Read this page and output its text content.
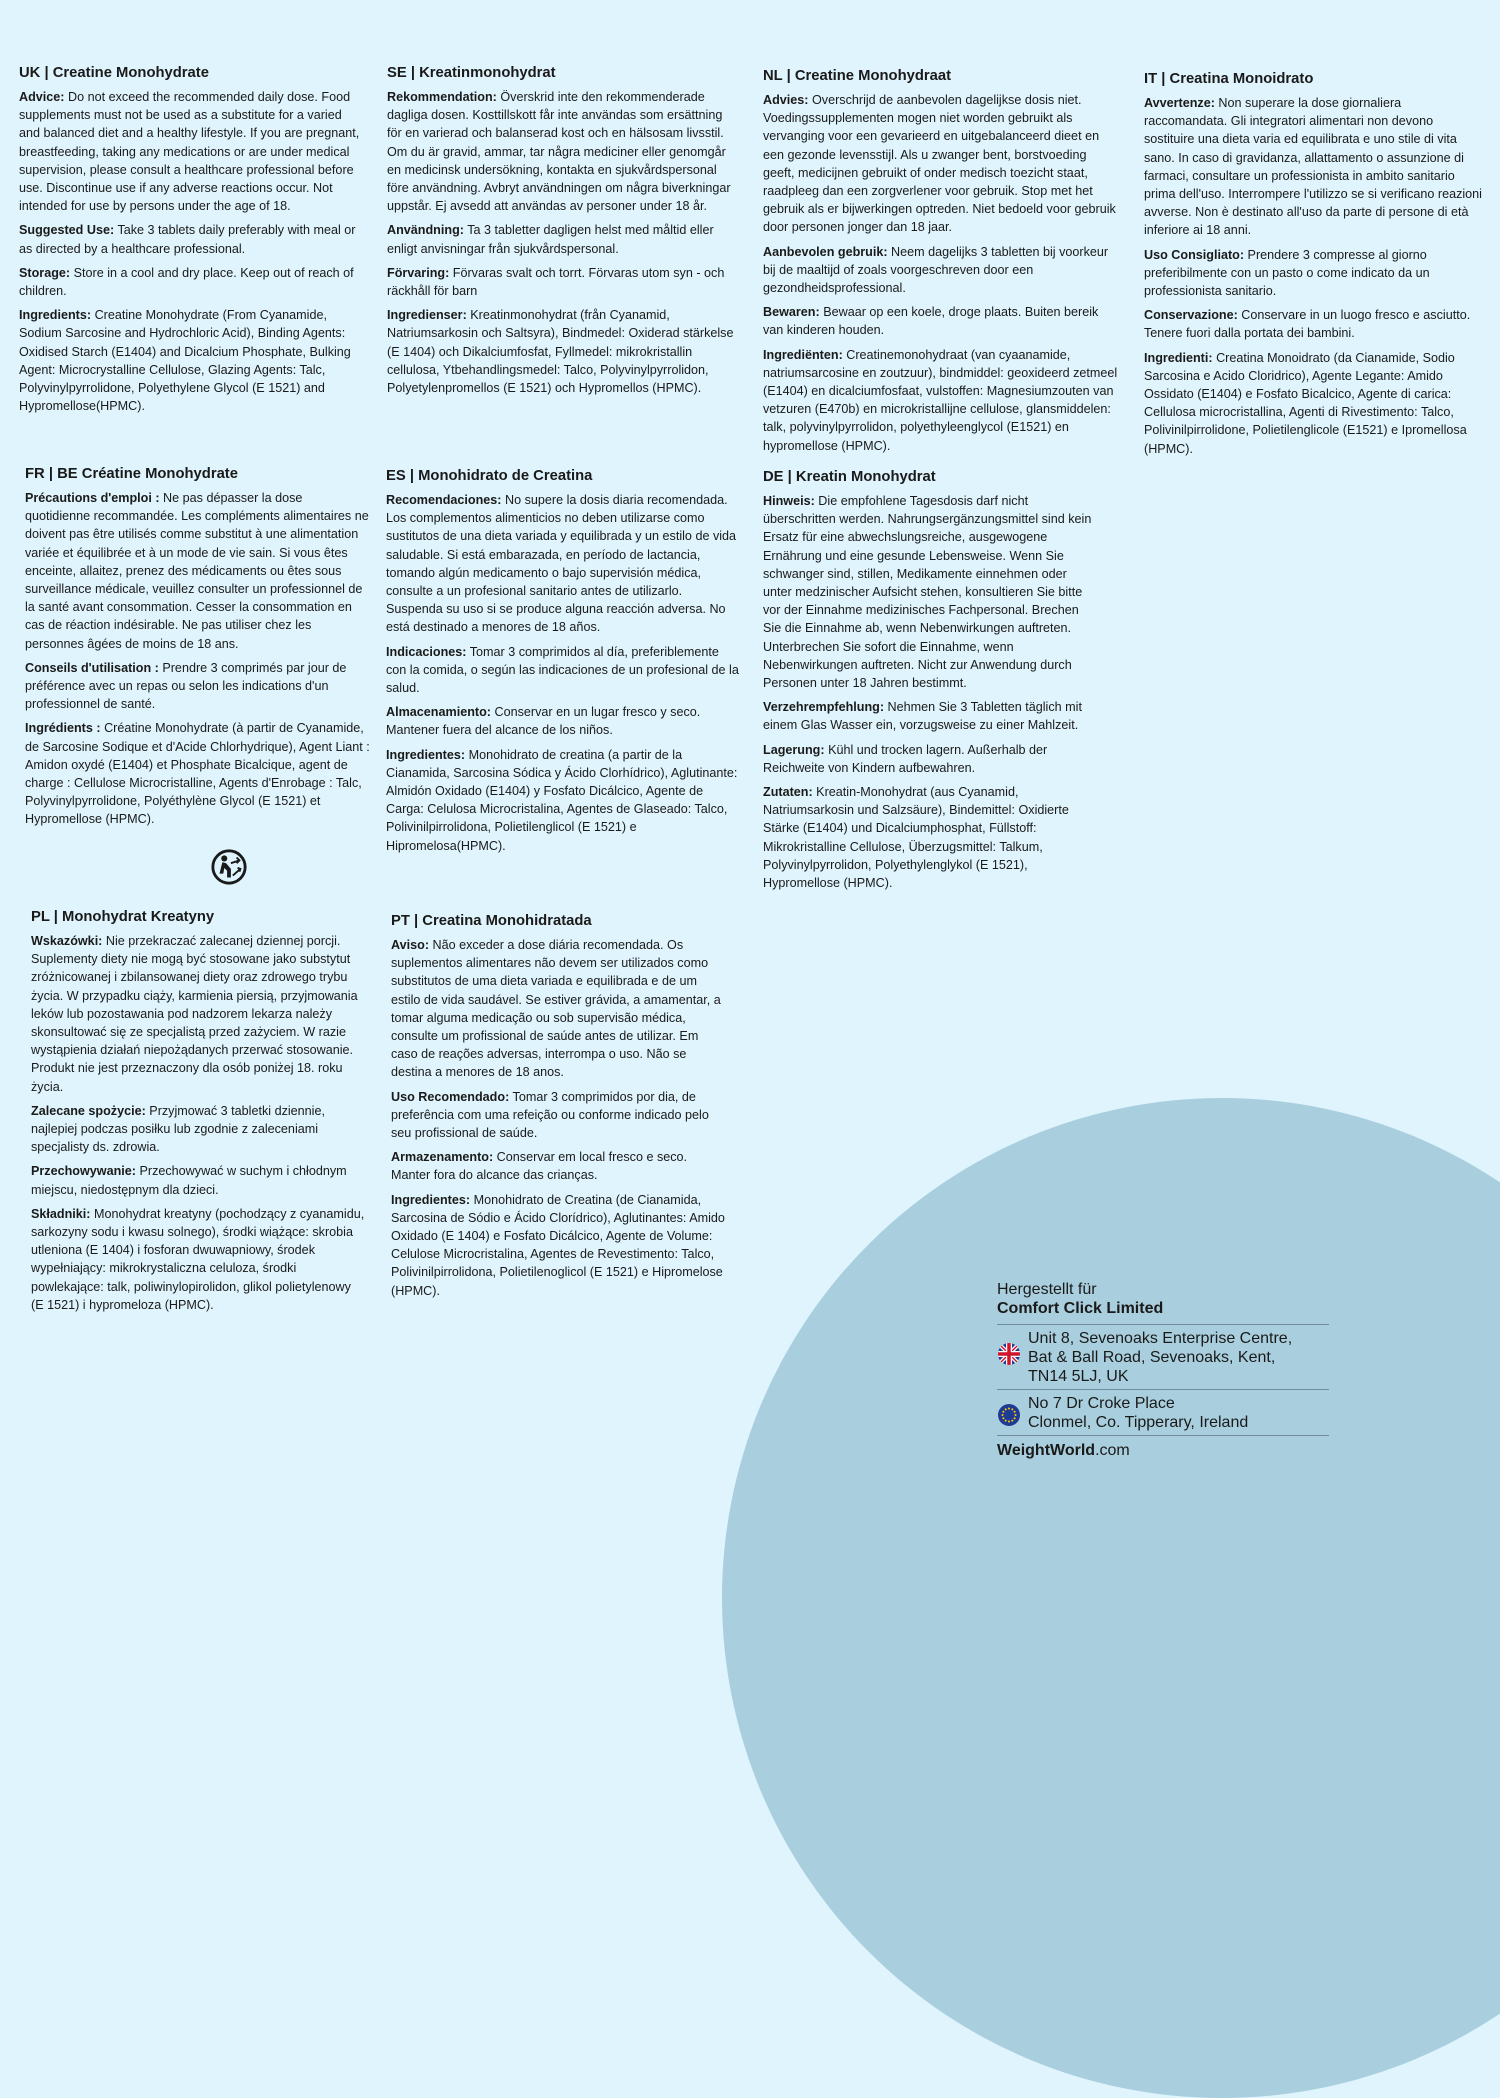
UK | Creatine Monohydrate

Advice: Do not exceed the recommended daily dose. Food supplements must not be used as a substitute for a varied and balanced diet and a healthy lifestyle. If you are pregnant, breastfeeding, taking any medications or are under medical supervision, please consult a healthcare professional before use. Discontinue use if any adverse reactions occur. Not intended for use by persons under the age of 18.

Suggested Use: Take 3 tablets daily preferably with meal or as directed by a healthcare professional.

Storage: Store in a cool and dry place. Keep out of reach of children.

Ingredients: Creatine Monohydrate (From Cyanamide, Sodium Sarcosine and Hydrochloric Acid), Binding Agents: Oxidised Starch (E1404) and Dicalcium Phosphate, Bulking Agent: Microcrystalline Cellulose, Glazing Agents: Talc, Polyvinylpyrrolidone, Polyethylene Glycol (E 1521) and Hypromellose(HPMC).

SE | Kreatinmonohydrat

Rekommendation: Överskrid inte den rekommenderade dagliga dosen. Kosttillskott får inte användas som ersättning för en varierad och balanserad kost och en hälsosam livsstil. Om du är gravid, ammar, tar några mediciner eller genomgår en medicinsk undersökning, kontakta en sjukvårdspersonal före användning. Avbryt användningen om några biverkningar uppstår. Ej avsedd att användas av personer under 18 år.

Användning: Ta 3 tabletter dagligen helst med måltid eller enligt anvisningar från sjukvårdspersonal.

Förvaring: Förvaras svalt och torrt. Förvaras utom syn - och räckhåll för barn

Ingredienser: Kreatinmonohydrat (från Cyanamid, Natriumsarkosin och Saltsyra), Bindmedel: Oxiderad stärkelse (E 1404) och Dikalciumfosfat, Fyllmedel: mikrokristallin cellulosa, Ytbehandlingsmedel: Talco, Polyvinylpyrrolidon, Polyetylenpromellos (E 1521) och Hypromellos (HPMC).

NL | Creatine Monohydraat

Advies: Overschrijd de aanbevolen dagelijkse dosis niet. Voedingssupplementen mogen niet worden gebruikt als vervanging voor een gevarieerd en uitgebalanceerd dieet en een gezonde levensstijl. Als u zwanger bent, borstvoeding geeft, medicijnen gebruikt of onder medisch toezicht staat, raadpleeg dan een zorgverlener voor gebruik. Stop met het gebruik als er bijwerkingen optreden. Niet bedoeld voor gebruik door personen jonger dan 18 jaar.

Aanbevolen gebruik: Neem dagelijks 3 tabletten bij voorkeur bij de maaltijd of zoals voorgeschreven door een gezondheidsprofessional.

Bewaren: Bewaar op een koele, droge plaats. Buiten bereik van kinderen houden.

Ingrediënten: Creatinemonohydraat (van cyaanamide, natriumsarcosine en zoutzuur), bindmiddel: geoxideerd zetmeel (E1404) en dicalciumfosfaat, vulstoffen: Magnesiumzouten van vetzuren (E470b) en microkristallijne cellulose, glansmiddelen: talk, polyvinylpyrrolidon, polyethyleenglycol (E1521) en hypromellose (HPMC).

IT | Creatina Monoidrato

Avvertenze: Non superare la dose giornaliera raccomandata. Gli integratori alimentari non devono sostituire una dieta varia ed equilibrata e uno stile di vita sano. In caso di gravidanza, allattamento o assunzione di farmaci, consultare un professionista in ambito sanitario prima dell'uso. Interrompere l'utilizzo se si verificano reazioni avverse. Non è destinato all'uso da parte di persone di età inferiore ai 18 anni.

Uso Consigliato: Prendere 3 compresse al giorno preferibilmente con un pasto o come indicato da un professionista sanitario.

Conservazione: Conservare in un luogo fresco e asciutto. Tenere fuori dalla portata dei bambini.

Ingredienti: Creatina Monoidrato (da Cianamide, Sodio Sarcosina e Acido Cloridrico), Agente Legante: Amido Ossidato (E1404) e Fosfato Bicalcico, Agente di carica: Cellulosa microcristallina, Agenti di Rivestimento: Talco, Polivinilpirrolidone, Polietilenglicole (E1521) e Ipromellosa (HPMC).

FR | BE Créatine Monohydrate

Précautions d'emploi : Ne pas dépasser la dose quotidienne recommandée. Les compléments alimentaires ne doivent pas être utilisés comme substitut à une alimentation variée et équilibrée et à un mode de vie sain. Si vous êtes enceinte, allaitez, prenez des médicaments ou êtes sous surveillance médicale, veuillez consulter un professionnel de la santé avant consommation. Cesser la consommation en cas de réaction indésirable. Ne pas utiliser chez les personnes âgées de moins de 18 ans.

Conseils d'utilisation : Prendre 3 comprimés par jour de préférence avec un repas ou selon les indications d'un professionnel de santé.

Ingrédients : Créatine Monohydrate (à partir de Cyanamide, de Sarcosine Sodique et d'Acide Chlorhydrique), Agent Liant : Amidon oxydé (E1404) et Phosphate Bicalcique, agent de charge : Cellulose Microcristalline, Agents d'Enrobage : Talc, Polyvinylpyrrolidone, Polyéthylène Glycol (E 1521) et Hypromellose (HPMC).

ES | Monohidrato de Creatina

Recomendaciones: No supere la dosis diaria recomendada. Los complementos alimenticios no deben utilizarse como sustitutos de una dieta variada y equilibrada y un estilo de vida saludable. Si está embarazada, en período de lactancia, tomando algún medicamento o bajo supervisión médica, consulte a un profesional sanitario antes de utilizarlo. Suspenda su uso si se produce alguna reacción adversa. No está destinado a menores de 18 años.

Indicaciones: Tomar 3 comprimidos al día, preferiblemente con la comida, o según las indicaciones de un profesional de la salud.

Almacenamiento: Conservar en un lugar fresco y seco. Mantener fuera del alcance de los niños.

Ingredientes: Monohidrato de creatina (a partir de la Cianamida, Sarcosina Sódica y Ácido Clorhídrico), Aglutinante: Almidón Oxidado (E1404) y Fosfato Dicálcico, Agente de Carga: Celulosa Microcristalina, Agentes de Glaseado: Talco, Polivinilpirrolidona, Polietilenglicol (E 1521) e Hipromelosa(HPMC).

DE | Kreatin Monohydrat

Hinweis: Die empfohlene Tagesdosis darf nicht überschritten werden. Nahrungsergänzungsmittel sind kein Ersatz für eine abwechslungsreiche, ausgewogene Ernährung und eine gesunde Lebensweise. Wenn Sie schwanger sind, stillen, Medikamente einnehmen oder unter medzinischer Aufsicht stehen, konsultieren Sie bitte vor der Einnahme medizinisches Fachpersonal. Brechen Sie die Einnahme ab, wenn Nebenwirkungen auftreten. Unterbrechen Sie sofort die Einnahme, wenn Nebenwirkungen auftreten. Nicht zur Anwendung durch Personen unter 18 Jahren bestimmt.

Verzehrempfehlung: Nehmen Sie 3 Tabletten täglich mit einem Glas Wasser ein, vorzugsweise zu einer Mahlzeit.

Lagerung: Kühl und trocken lagern. Außerhalb der Reichweite von Kindern aufbewahren.

Zutaten: Kreatin-Monohydrat (aus Cyanamid, Natriumsarkosin und Salzsäure), Bindemittel: Oxidierte Stärke (E1404) und Dicalciumphosphat, Füllstoff: Mikrokristalline Cellulose, Überzugsmittel: Talkum, Polyvinylpyrrolidon, Polyethylenglykol (E 1521), Hypromellose (HPMC).

PL | Monohydrat Kreatyny

Wskazówki: Nie przekraczać zalecanej dziennej porcji. Suplementy diety nie mogą być stosowane jako substytut zróżnicowanej i zbilansowanej diety oraz zdrowego trybu życia. W przypadku ciąży, karmienia piersią, przyjmowania leków lub pozostawania pod nadzorem lekarza należy skonsultować się ze specjalistą przed zażyciem. W razie wystąpienia działań niepożądanych przerwać stosowanie. Produkt nie jest przeznaczony dla osób poniżej 18. roku życia.

Zalecane spożycie: Przyjmować 3 tabletki dziennie, najlepiej podczas posiłku lub zgodnie z zaleceniami specjalisty ds. zdrowia.

Przechowywanie: Przechowywać w suchym i chłodnym miejscu, niedostępnym dla dzieci.

Składniki: Monohydrat kreatyny (pochodzący z cyanamidu, sarkozyny sodu i kwasu solnego), środki wiążące: skrobia utleniona (E 1404) i fosforan dwuwapniowy, środek wypełniający: mikrokrystaliczna celuloza, środki powlekające: talk, poliwinylopirolidon, glikol polietylenowy (E 1521) i hypromeloza (HPMC).

PT | Creatina Monohidratada

Aviso: Não exceder a dose diária recomendada. Os suplementos alimentares não devem ser utilizados como substitutos de uma dieta variada e equilibrada e de um estilo de vida saudável. Se estiver grávida, a amamentar, a tomar alguma medicação ou sob supervisão médica, consulte um profissional de saúde antes de utilizar. Em caso de reações adversas, interrompa o uso. Não se destina a menores de 18 anos.

Uso Recomendado: Tomar 3 comprimidos por dia, de preferência com uma refeição ou conforme indicado pelo seu profissional de saúde.

Armazenamento: Conservar em local fresco e seco. Manter fora do alcance das crianças.

Ingredientes: Monohidrato de Creatina (de Cianamida, Sarcosina de Sódio e Ácido Clorídrico), Aglutinantes: Amido Oxidado (E 1404) e Fosfato Dicálcico, Agente de Volume: Celulose Microcristalina, Agentes de Revestimento: Talco, Polivinilpirrolidona, Polietilenoglicol (E 1521) e Hipromelose (HPMC).	Hergestellt für
Comfort Click Limited
Unit 8, Sevenoaks Enterprise Centre,
Bat & Ball Road, Sevenoaks, Kent,
TN14 5LJ, UK
No 7 Dr Croke Place
Clonmel, Co. Tipperary, Ireland
WeightWorld.com
